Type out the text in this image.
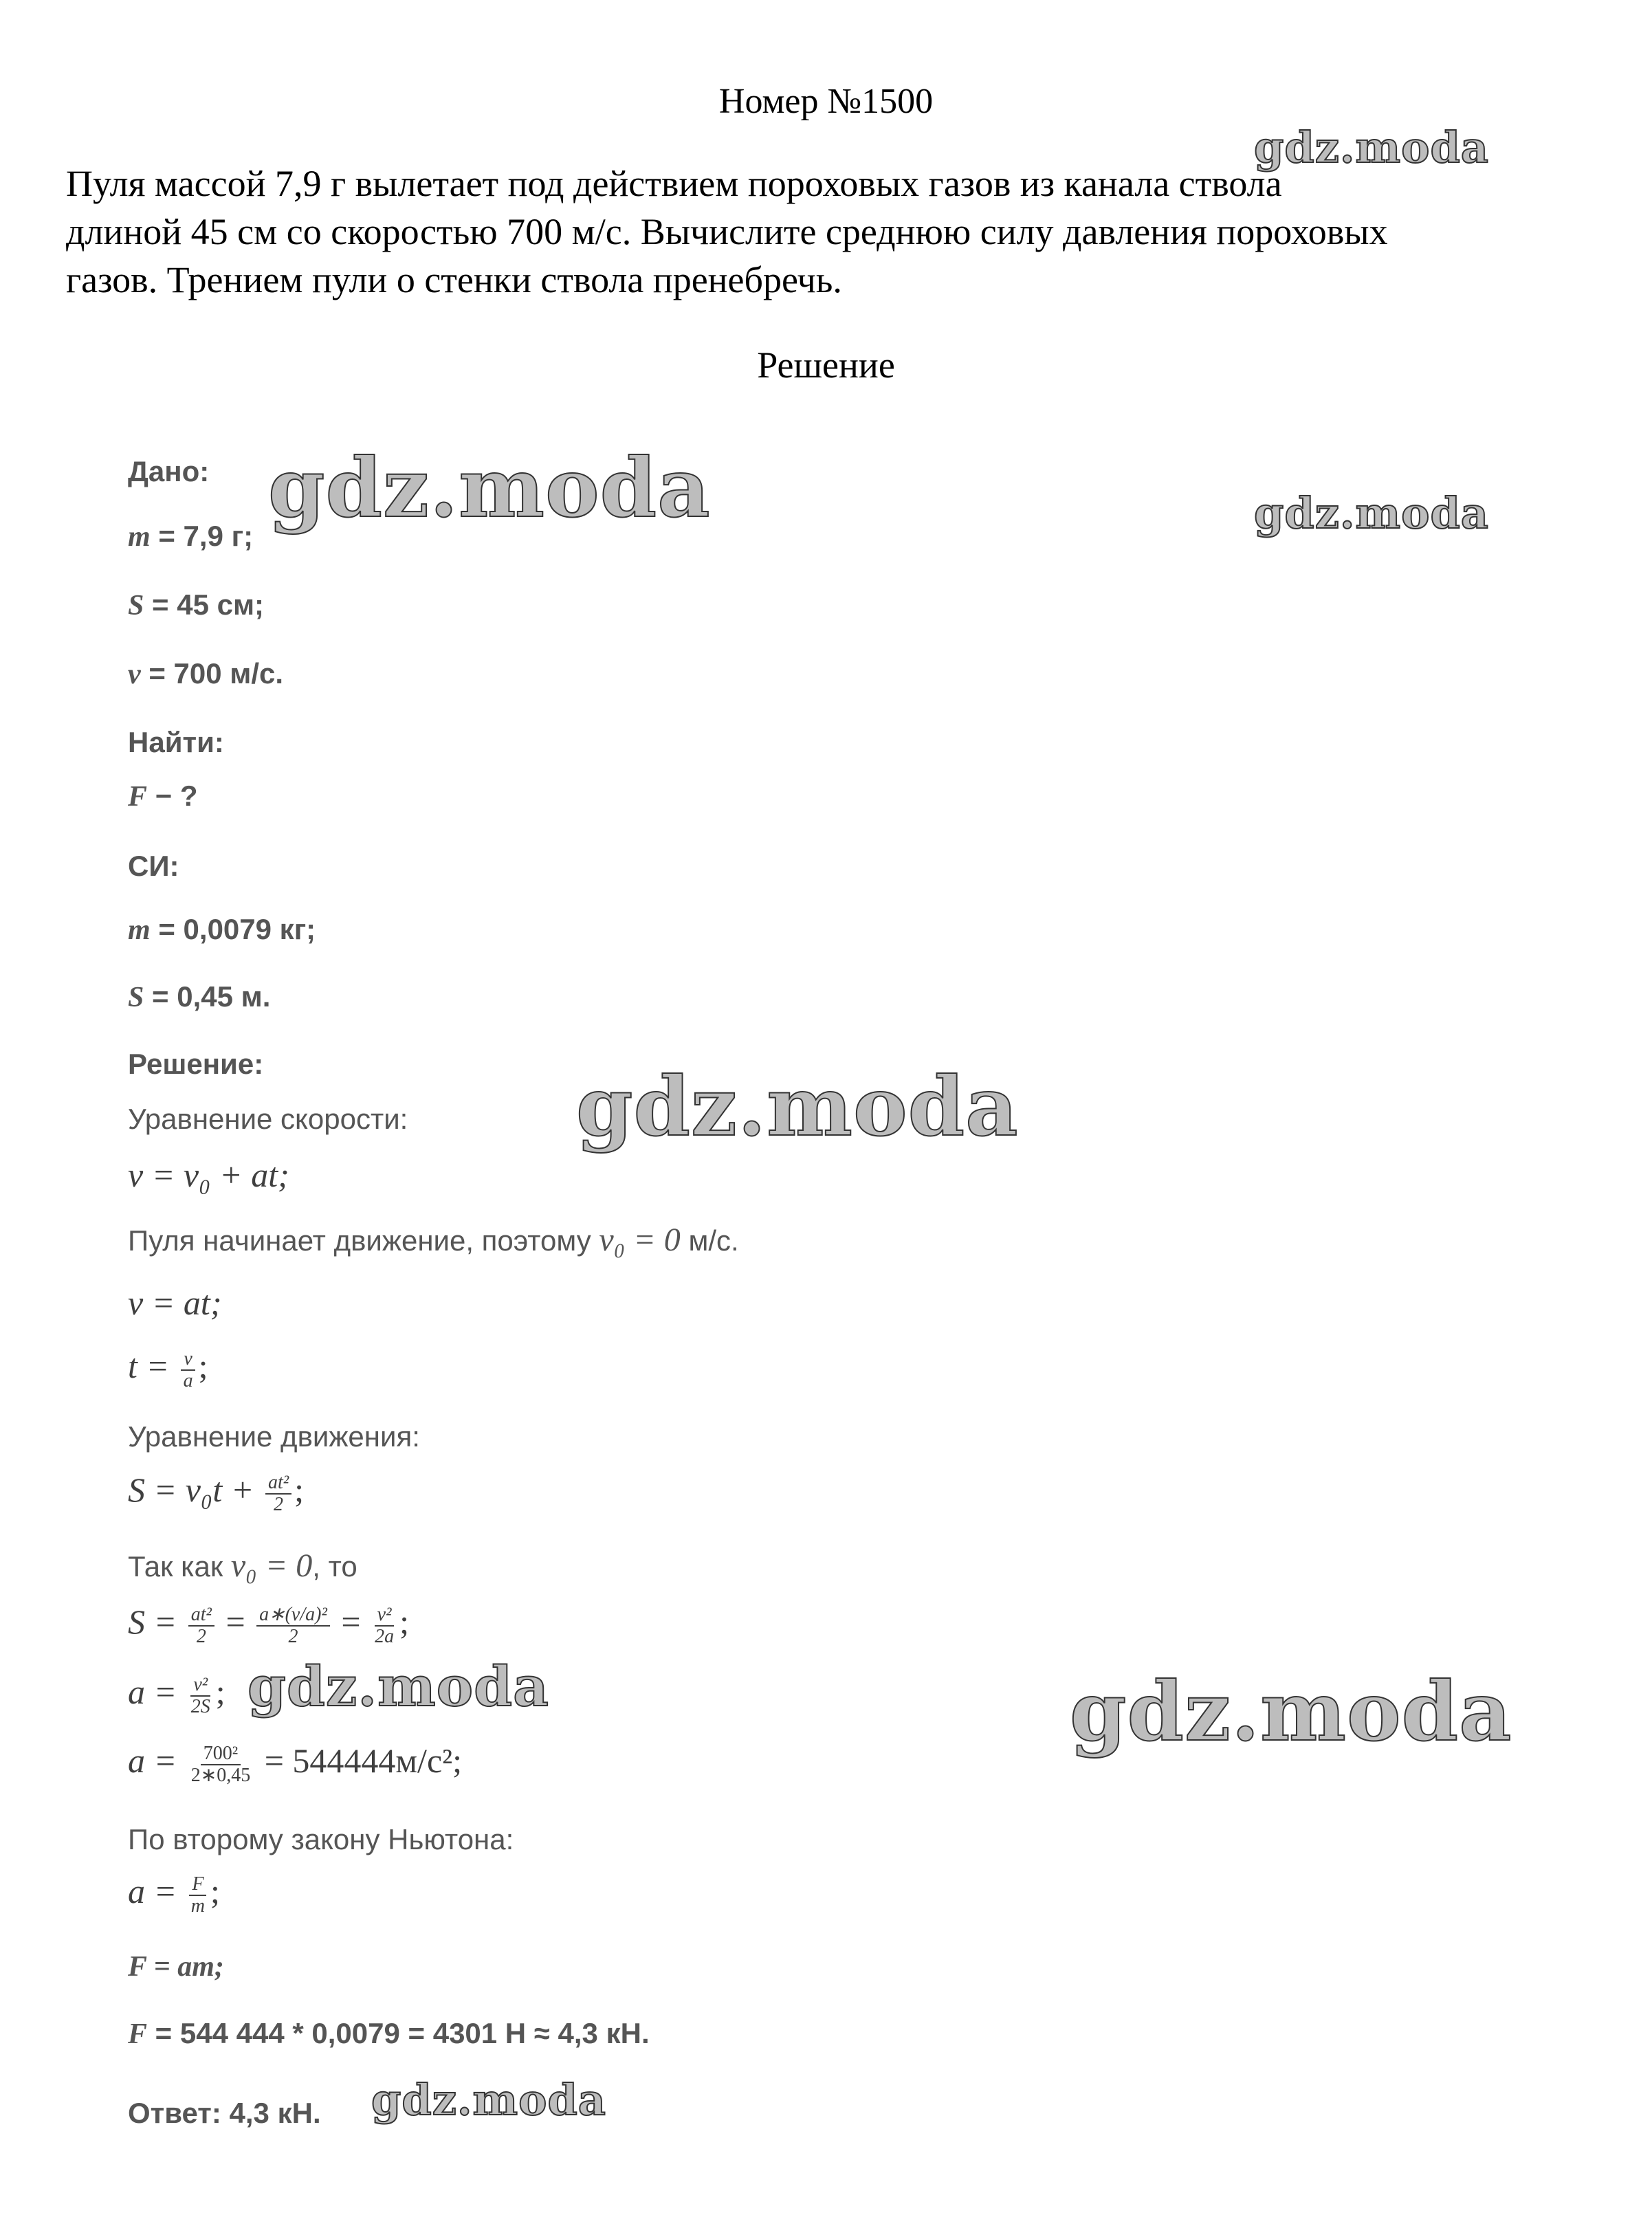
Номер №1500
Пуля массой 7,9 г вылетает под действием пороховых газов из канала ствола
длиной 45 см со скоростью 700 м/с. Вычислите среднюю силу давления пороховых
газов. Трением пули о стенки ствола пренебречь.
Решение
Дано:
m = 7,9 г;
S = 45 см;
v = 700 м/с.
Найти:
F − ?
СИ:
m = 0,0079 кг;
S = 0,45 м.
Решение:
Уравнение скорости:
v = v₀ + at;
Пуля начинает движение, поэтому v₀ = 0 м/с.
v = at;
$t = \frac{v}{a}$ ;
Уравнение движения:
$S = v_0t + \frac{\text{at²}}{2}$ ;
Так как v₀ = 0, то
$S = \frac{\text{at²}}{2} = \frac{\text{a∗(v/a)²}}{2} = \frac{\text{v²}}{2a}$ ;
$a = \frac{\text{v²}}{2S}$ ;
$a = \frac{\text{700²}}{2∗0,45} = 544444м/с^2$;
По второму закону Ньютона:
$a = \frac{F}{m}$ ;
F = am;
F = 544 444 * 0,0079 = 4301 Н ≈ 4,3 кН.
Ответ: 4,3 кН.
gdz.moda
gdz.moda	gdz.moda
gdz.moda
gdz.moda	gdz.moda
gdz.moda
